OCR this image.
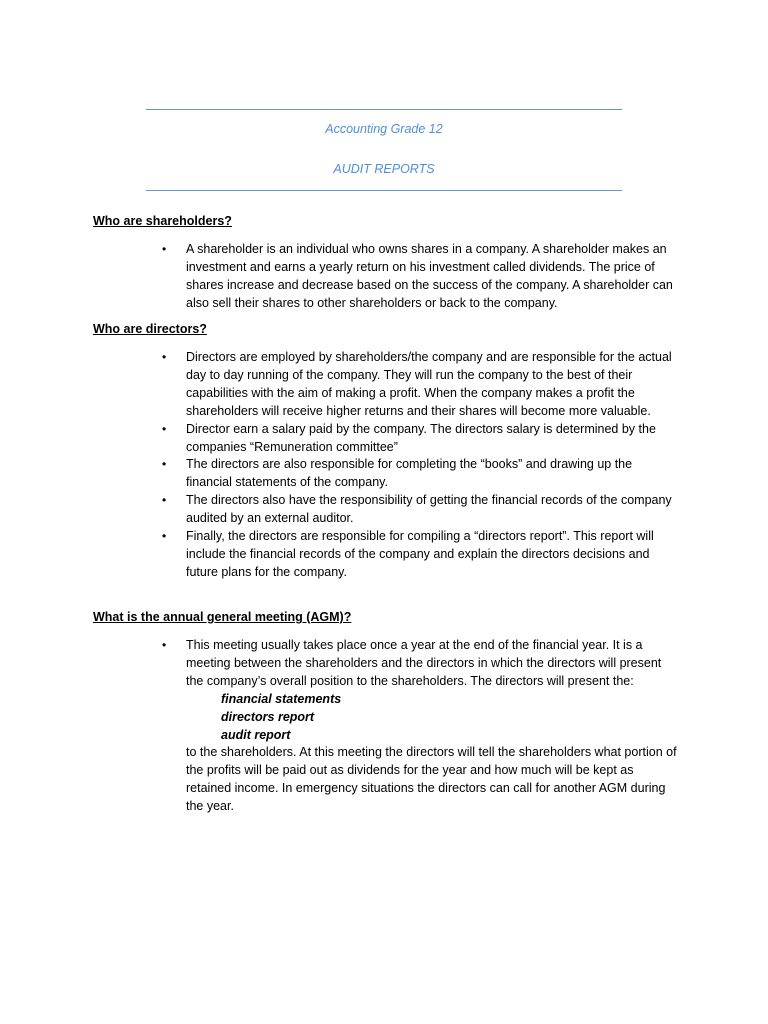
Accounting Grade 12
AUDIT REPORTS
Who are shareholders?
• A shareholder is an individual who owns shares in a company. A shareholder makes an investment and earns a yearly return on his investment called dividends. The price of shares increase and decrease based on the success of the company. A shareholder can also sell their shares to other shareholders or back to the company.
Who are directors?
• Directors are employed by shareholders/the company and are responsible for the actual day to day running of the company. They will run the company to the best of their capabilities with the aim of making a profit. When the company makes a profit the shareholders will receive higher returns and their shares will become more valuable.
• Director earn a salary paid by the company. The directors salary is determined by the companies “Remuneration committee”
• The directors are also responsible for completing the “books” and drawing up the financial statements of the company.
• The directors also have the responsibility of getting the financial records of the company audited by an external auditor.
• Finally, the directors are responsible for compiling a “directors report”. This report will include the financial records of the company and explain the directors decisions and future plans for the company.
What is the annual general meeting (AGM)?
• This meeting usually takes place once a year at the end of the financial year. It is a meeting between the shareholders and the directors in which the directors will present the company’s overall position to the shareholders. The directors will present the:
financial statements
directors report
audit report
to the shareholders. At this meeting the directors will tell the shareholders what portion of the profits will be paid out as dividends for the year and how much will be kept as retained income. In emergency situations the directors can call for another AGM during the year.
